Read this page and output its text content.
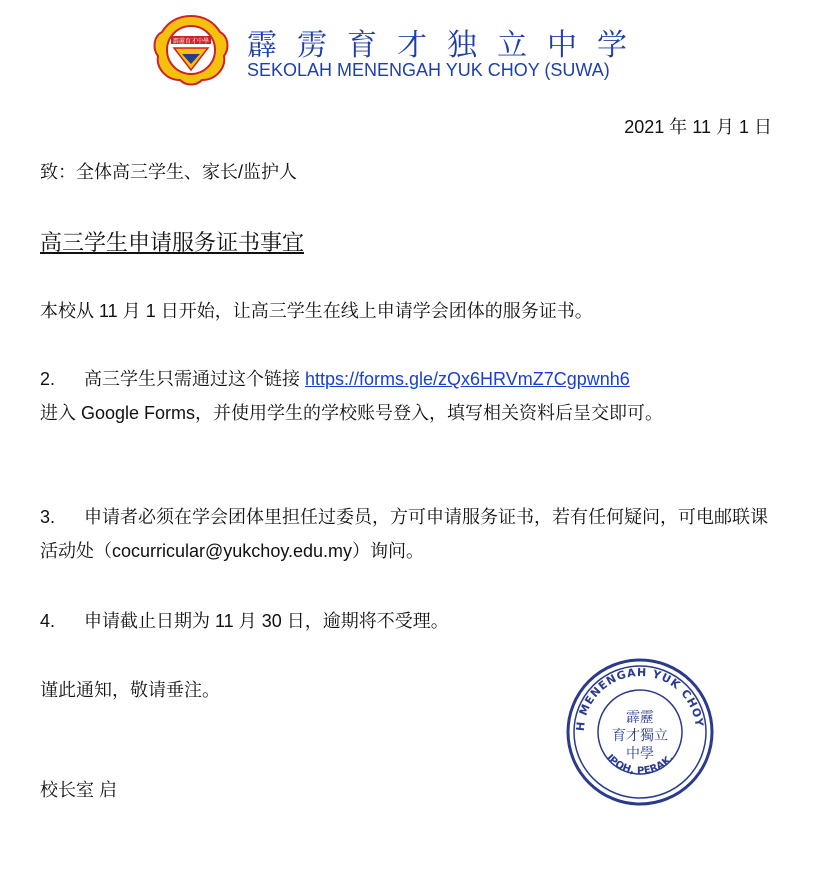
霹靂育才中學 霹雳育才独立中学
SEKOLAH MENENGAH YUK CHOY (SUWA)
2021 年 11 月 1 日
致：全体高三学生、家长/监护人
高三学生申请服务证书事宜
本校从 11 月 1 日开始，让高三学生在线上申请学会团体的服务证书。
2. 高三学生只需通过这个链接 https://forms.gle/zQx6HRVmZ7Cgpwnh6
进入 Google Forms，并使用学生的学校账号登入，填写相关资料后呈交即可。
3. 申请者必须在学会团体里担任过委员，方可申请服务证书，若有任何疑问，可电邮联课活动处（cocurricular@yukchoy.edu.my）询问。
4. 申请截止日期为 11 月 30 日，逾期将不受理。
谨此通知，敬请垂注。
校长室 启
H MENENGAH YUK CHOY
IPOH, PERAK.
霹靂
育才獨立
中學
